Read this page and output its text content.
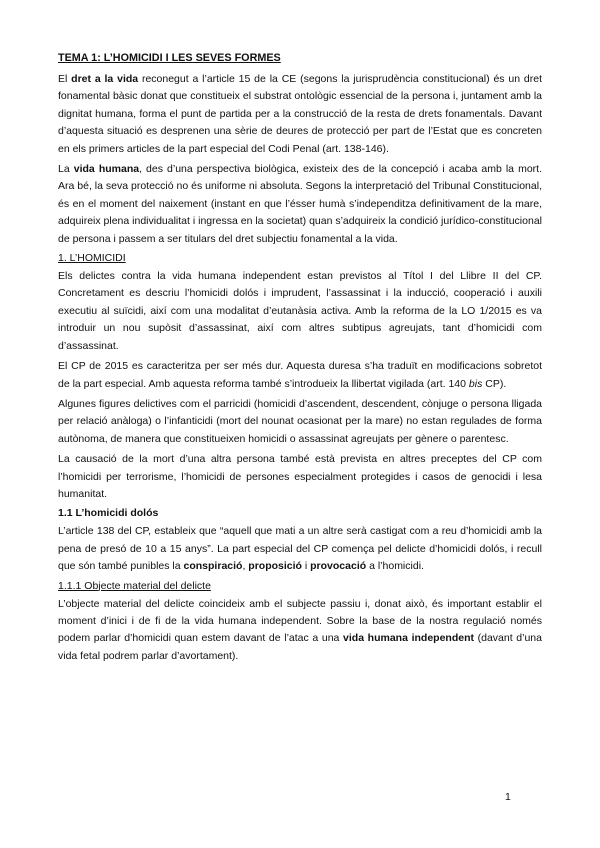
TEMA 1: L’HOMICIDI I LES SEVES FORMES

El dret a la vida reconegut a l’article 15 de la CE (segons la jurisprudència constitucional) és un dret fonamental bàsic donat que constitueix el substrat ontològic essencial de la persona i, juntament amb la dignitat humana, forma el punt de partida per a la construcció de la resta de drets fonamentals. Davant d’aquesta situació es desprenen una sèrie de deures de protecció per part de l’Estat que es concreten en els primers articles de la part especial del Codi Penal (art. 138-146).

La vida humana, des d’una perspectiva biològica, existeix des de la concepció i acaba amb la mort. Ara bé, la seva protecció no és uniforme ni absoluta. Segons la interpretació del Tribunal Constitucional, és en el moment del naixement (instant en que l’ésser humà s’independitza definitivament de la mare, adquireix plena individualitat i ingressa en la societat) quan s’adquireix la condició jurídico-constitucional de persona i passem a ser titulars del dret subjectiu fonamental a la vida.

1. L’HOMICIDI

Els delictes contra la vida humana independent estan previstos al Títol I del Llibre II del CP. Concretament es descriu l’homicidi dolós i imprudent, l’assassinat i la inducció, cooperació i auxili executiu al suïcidi, així com una modalitat d’eutanàsia activa. Amb la reforma de la LO 1/2015 es va introduir un nou supòsit d’assassinat, així com altres subtipus agreujats, tant d’homicidi com d’assassinat.

El CP de 2015 es caracteritza per ser més dur. Aquesta duresa s’ha traduït en modificacions sobretot de la part especial. Amb aquesta reforma també s’introdueix la llibertat vigilada (art. 140 bis CP).

Algunes figures delictives com el parricidi (homicidi d’ascendent, descendent, cònjuge o persona lligada per relació anàloga) o l’infanticidi (mort del nounat ocasionat per la mare) no estan regulades de forma autònoma, de manera que constitueixen homicidi o assassinat agreujats per gènere o parentesc.

La causació de la mort d’una altra persona també està prevista en altres preceptes del CP com l’homicidi per terrorisme, l’homicidi de persones especialment protegides i casos de genocidi i lesa humanitat.

1.1 L’homicidi dolós

L’article 138 del CP, estableix que “aquell que mati a un altre serà castigat com a reu d’homicidi amb la pena de presó de 10 a 15 anys”. La part especial del CP comença pel delicte d’homicidi dolós, i recull que són també punibles la conspiració, proposició i provocació a l’homicidi.

1.1.1 Objecte material del delicte

L’objecte material del delicte coincideix amb el subjecte passiu i, donat això, és important establir el moment d’inici i de fi de la vida humana independent. Sobre la base de la nostra regulació només podem parlar d’homicidi quan estem davant de l’atac a una vida humana independent (davant d’una vida fetal podrem parlar d’avortament).

1
